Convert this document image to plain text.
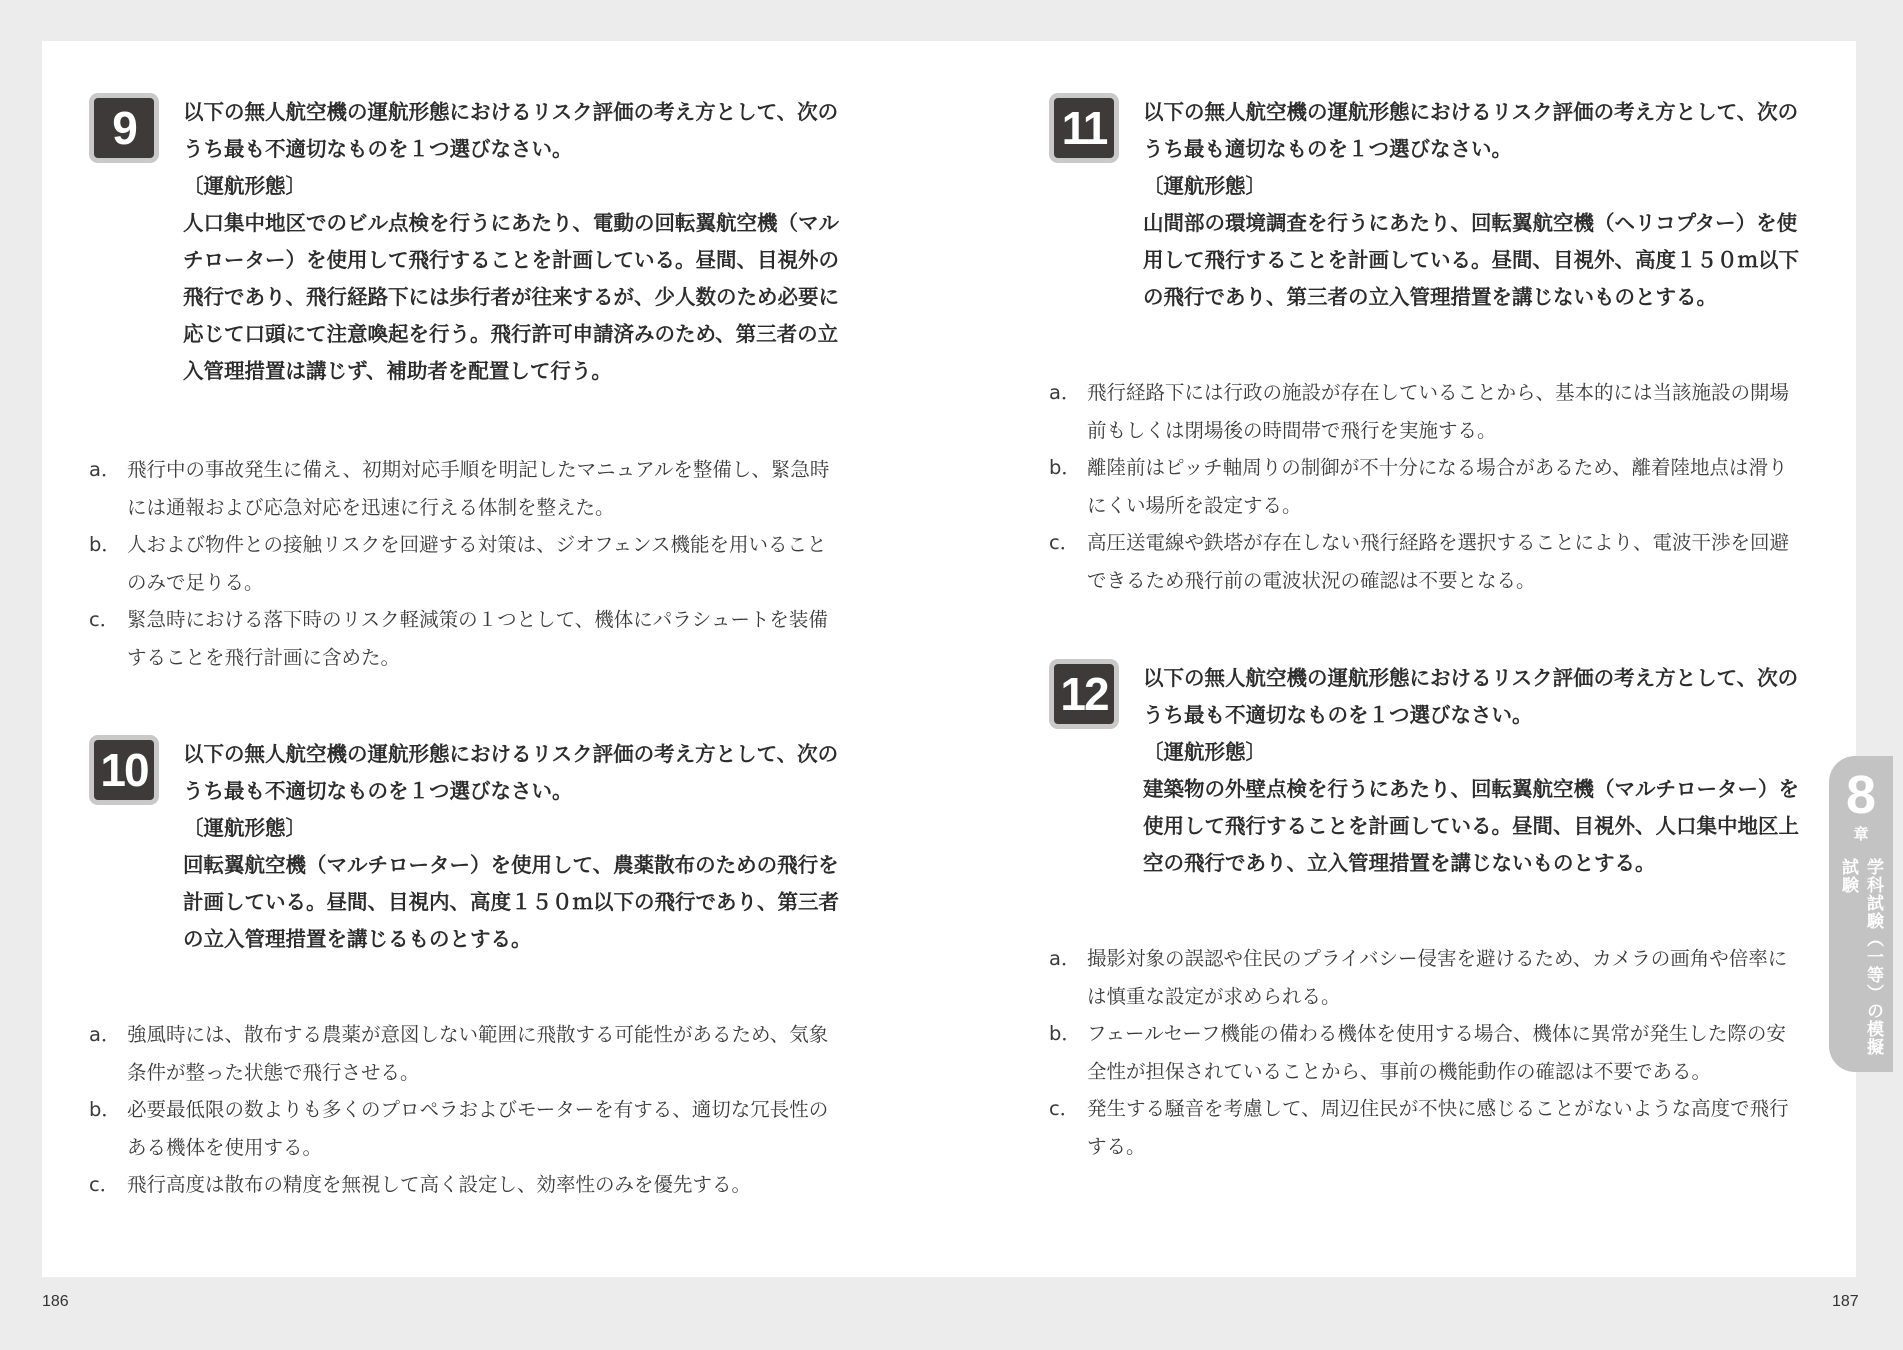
9	以下の無人航空機の運航形態におけるリスク評価の考え方として、次の

うち最も不適切なものを１つ選びなさい。

〔運航形態〕

人口集中地区でのビル点検を行うにあたり、電動の回転翼航空機（マル

チローター）を使用して飛行することを計画している。昼間、目視外の

飛行であり、飛行経路下には歩行者が往来するが、少人数のため必要に

応じて口頭にて注意喚起を行う。飛行許可申請済みのため、第三者の立

入管理措置は講じず、補助者を配置して行う。

a． 飛行中の事故発生に備え、初期対応手順を明記したマニュアルを整備し、緊急時
には通報および応急対応を迅速に行える体制を整えた。
b． 人および物件との接触リスクを回避する対策は、ジオフェンス機能を用いること
のみで足りる。
c． 緊急時における落下時のリスク軽減策の１つとして、機体にパラシュートを装備
することを飛行計画に含めた。
10	以下の無人航空機の運航形態におけるリスク評価の考え方として、次の

うち最も不適切なものを１つ選びなさい。

〔運航形態〕

回転翼航空機（マルチローター）を使用して、農薬散布のための飛行を

計画している。昼間、目視内、高度１５０ｍ以下の飛行であり、第三者

の立入管理措置を講じるものとする。

a． 強風時には、散布する農薬が意図しない範囲に飛散する可能性があるため、気象
条件が整った状態で飛行させる。
b． 必要最低限の数よりも多くのプロペラおよびモーターを有する、適切な冗長性の
ある機体を使用する。
c． 飛行高度は散布の精度を無視して高く設定し、効率性のみを優先する。
11	以下の無人航空機の運航形態におけるリスク評価の考え方として、次の

うち最も適切なものを１つ選びなさい。

〔運航形態〕

山間部の環境調査を行うにあたり、回転翼航空機（ヘリコプター）を使

用して飛行することを計画している。昼間、目視外、高度１５０ｍ以下

の飛行であり、第三者の立入管理措置を講じないものとする。

a． 飛行経路下には行政の施設が存在していることから、基本的には当該施設の開場
前もしくは閉場後の時間帯で飛行を実施する。
b． 離陸前はピッチ軸周りの制御が不十分になる場合があるため、離着陸地点は滑り
にくい場所を設定する。
c． 高圧送電線や鉄塔が存在しない飛行経路を選択することにより、電波干渉を回避
できるため飛行前の電波状況の確認は不要となる。
12	以下の無人航空機の運航形態におけるリスク評価の考え方として、次の

うち最も不適切なものを１つ選びなさい。

〔運航形態〕

建築物の外壁点検を行うにあたり、回転翼航空機（マルチローター）を

使用して飛行することを計画している。昼間、目視外、人口集中地区上

空の飛行であり、立入管理措置を講じないものとする。

a． 撮影対象の誤認や住民のプライバシー侵害を避けるため、カメラの画角や倍率に
は慎重な設定が求められる。
b． フェールセーフ機能の備わる機体を使用する場合、機体に異常が発生した際の安
全性が担保されていることから、事前の機能動作の確認は不要である。
c． 発生する騒音を考慮して、周辺住民が不快に感じることがないような高度で飛行
する。
8
章
学科試験（一等）の模擬試験
186	187
